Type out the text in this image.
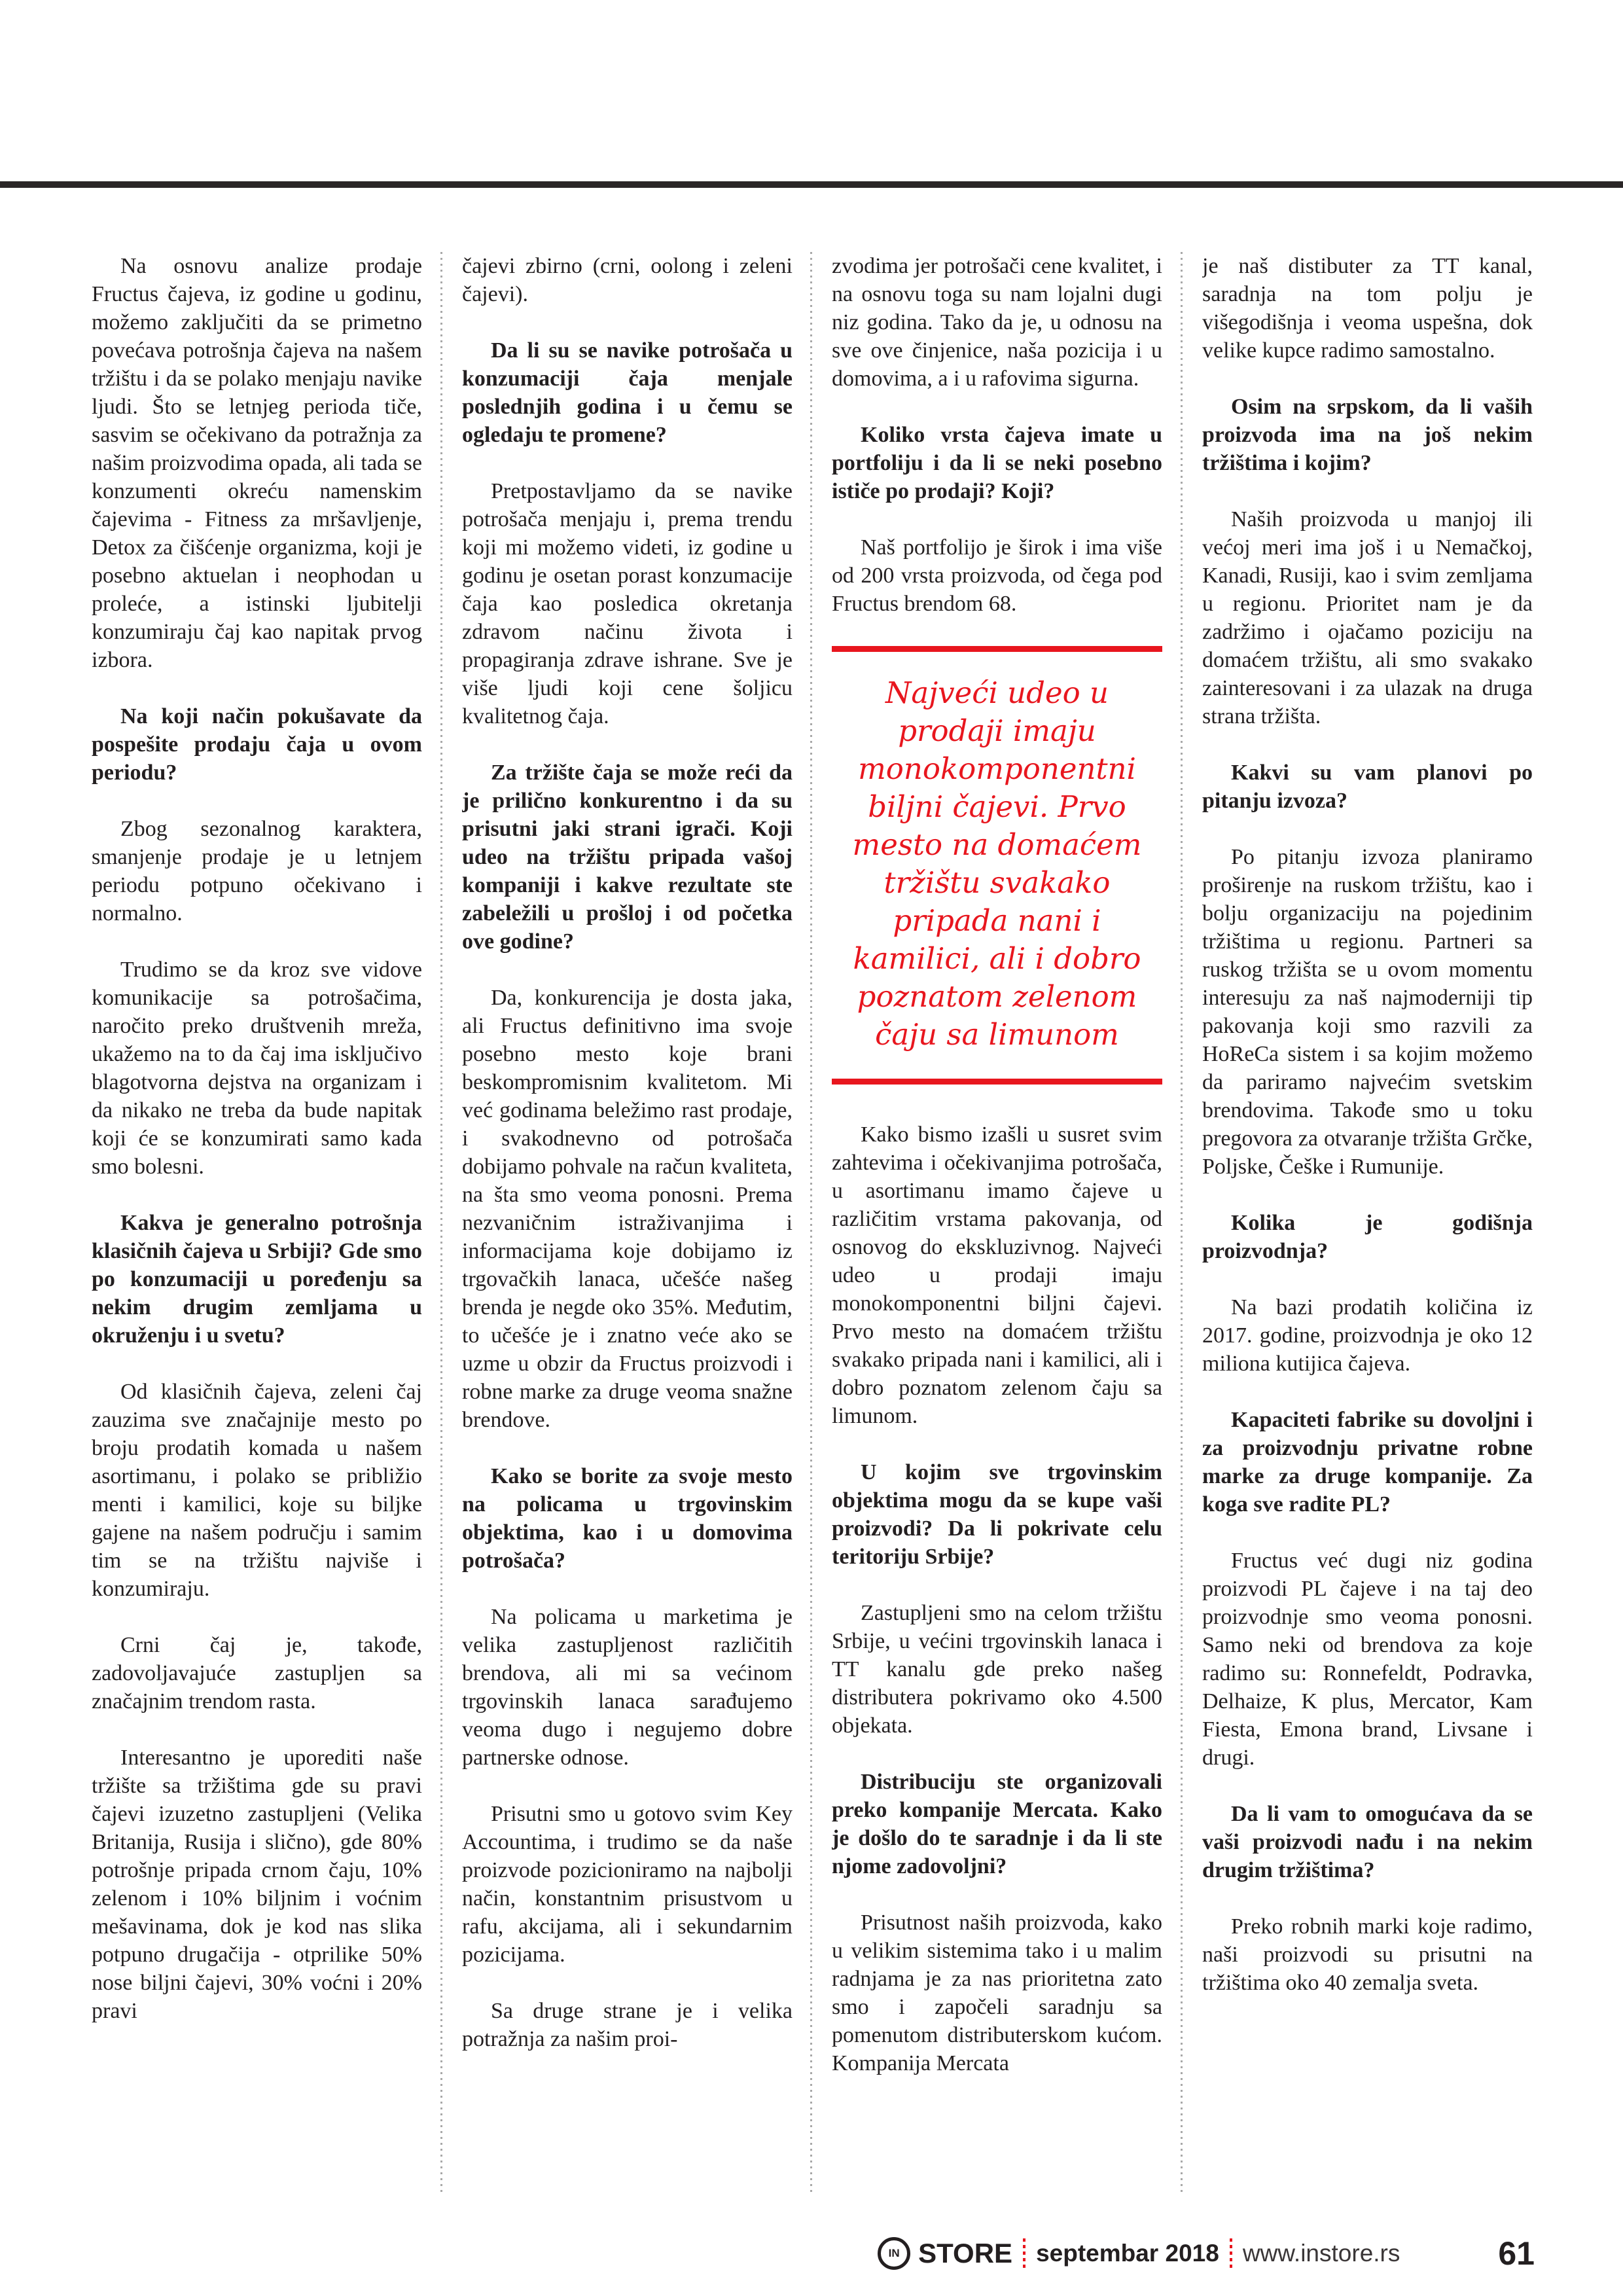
Na osnovu analize prodaje Fructus čajeva, iz godine u godinu, možemo zaključiti da se primetno povećava potrošnja čajeva na našem tržištu i da se polako menjaju navike ljudi. Što se letnjeg perioda tiče, sasvim se očekivano da potražnja za našim proizvodima opada, ali tada se konzumenti okreću namenskim čajevima - Fitness za mršavljenje, Detox za čišćenje organizma, koji je posebno aktuelan i neophodan u proleće, a istinski ljubitelji konzumiraju čaj kao napitak prvog izbora.

Na koji način pokušavate da pospešite prodaju čaja u ovom periodu?

Zbog sezonalnog karaktera, smanjenje prodaje je u letnjem periodu potpuno očekivano i normalno.

Trudimo se da kroz sve vidove komunikacije sa potrošačima, naročito preko društvenih mreža, ukažemo na to da čaj ima isključivo blagotvorna dejstva na organizam i da nikako ne treba da bude napitak koji će se konzumirati samo kada smo bolesni.

Kakva je generalno potrošnja klasičnih čajeva u Srbiji? Gde smo po konzumaciji u poređenju sa nekim drugim zemljama u okruženju i u svetu?

Od klasičnih čajeva, zeleni čaj zauzima sve značajnije mesto po broju prodatih komada u našem asortimanu, i polako se približio menti i kamilici, koje su biljke gajene na našem području i samim tim se na tržištu najviše i konzumiraju.

Crni čaj je, takođe, zadovoljavajuće zastupljen sa značajnim trendom rasta.

Interesantno je uporediti naše tržište sa tržištima gde su pravi čajevi izuzetno zastupljeni (Velika Britanija, Rusija i slično), gde 80% potrošnje pripada crnom čaju, 10% zelenom i 10% biljnim i voćnim mešavinama, dok je kod nas slika potpuno drugačija - otprilike 50% nose biljni čajevi, 30% voćni i 20% pravi

čajevi zbirno (crni, oolong i zeleni čajevi).

Da li su se navike potrošača u konzumaciji čaja menjale poslednjih godina i u čemu se ogledaju te promene?

Pretpostavljamo da se navike potrošača menjaju i, prema trendu koji mi možemo videti, iz godine u godinu je osetan porast konzumacije čaja kao posledica okretanja zdravom načinu života i propagiranja zdrave ishrane. Sve je više ljudi koji cene šoljicu kvalitetnog čaja.

Za tržište čaja se može reći da je prilično konkurentno i da su prisutni jaki strani igrači. Koji udeo na tržištu pripada vašoj kompaniji i kakve rezultate ste zabeležili u prošloj i od početka ove godine?

Da, konkurencija je dosta jaka, ali Fructus definitivno ima svoje posebno mesto koje brani beskompromisnim kvalitetom. Mi već godinama beležimo rast prodaje, i svakodnevno od potrošača dobijamo pohvale na račun kvaliteta, na šta smo veoma ponosni. Prema nezvaničnim istraživanjima i informacijama koje dobijamo iz trgovačkih lanaca, učešće našeg brenda je negde oko 35%. Međutim, to učešće je i znatno veće ako se uzme u obzir da Fructus proizvodi i robne marke za druge veoma snažne brendove.

Kako se borite za svoje mesto na policama u trgovinskim objektima, kao i u domovima potrošača?

Na policama u marketima je velika zastupljenost različitih brendova, ali mi sa većinom trgovinskih lanaca sarađujemo veoma dugo i negujemo dobre partnerske odnose.

Prisutni smo u gotovo svim Key Accountima, i trudimo se da naše proizvode pozicioniramo na najbolji način, konstantnim prisustvom u rafu, akcijama, ali i sekundarnim pozicijama.

Sa druge strane je i velika potražnja za našim proi-

zvodima jer potrošači cene kvalitet, i na osnovu toga su nam lojalni dugi niz godina. Tako da je, u odnosu na sve ove činjenice, naša pozicija i u domovima, a i u rafovima sigurna.

Koliko vrsta čajeva imate u portfoliju i da li se neki posebno ističe po prodaji? Koji?

Naš portfolijo je širok i ima više od 200 vrsta proizvoda, od čega pod Fructus brendom 68.

Najveći udeo u prodaji imaju monokomponentni biljni čajevi. Prvo mesto na domaćem tržištu svakako pripada nani i kamilici, ali i dobro poznatom zelenom čaju sa limunom

Kako bismo izašli u susret svim zahtevima i očekivanjima potrošača, u asortimanu imamo čajeve u različitim vrstama pakovanja, od osnovog do ekskluzivnog. Najveći udeo u prodaji imaju monokomponentni biljni čajevi. Prvo mesto na domaćem tržištu svakako pripada nani i kamilici, ali i dobro poznatom zelenom čaju sa limunom.

U kojim sve trgovinskim objektima mogu da se kupe vaši proizvodi? Da li pokrivate celu teritoriju Srbije?

Zastupljeni smo na celom tržištu Srbije, u većini trgovinskih lanaca i TT kanalu gde preko našeg distributera pokrivamo oko 4.500 objekata.

Distribuciju ste organizovali preko kompanije Mercata. Kako je došlo do te saradnje i da li ste njome zadovoljni?

Prisutnost naših proizvoda, kako u velikim sistemima tako i u malim radnjama je za nas prioritetna zato smo i započeli saradnju sa pomenutom distributerskom kućom. Kompanija Mercata

je naš distibuter za TT kanal, saradnja na tom polju je višegodišnja i veoma uspešna, dok velike kupce radimo samostalno.

Osim na srpskom, da li vaših proizvoda ima na još nekim tržištima i kojim?

Naših proizvoda u manjoj ili većoj meri ima još i u Nemačkoj, Kanadi, Rusiji, kao i svim zemljama u regionu. Prioritet nam je da zadržimo i ojačamo poziciju na domaćem tržištu, ali smo svakako zainteresovani i za ulazak na druga strana tržišta.

Kakvi su vam planovi po pitanju izvoza?

Po pitanju izvoza planiramo proširenje na ruskom tržištu, kao i bolju organizaciju na pojedinim tržištima u regionu. Partneri sa ruskog tržišta se u ovom momentu interesuju za naš najmoderniji tip pakovanja koji smo razvili za HoReCa sistem i sa kojim možemo da pariramo najvećim svetskim brendovima. Takođe smo u toku pregovora za otvaranje tržišta Grčke, Poljske, Češke i Rumunije.

Kolika je godišnja proizvodnja?

Na bazi prodatih količina iz 2017. godine, proizvodnja je oko 12 miliona kutijica čajeva.

Kapaciteti fabrike su dovoljni i za proizvodnju privatne robne marke za druge kompanije. Za koga sve radite PL?

Fructus već dugi niz godina proizvodi PL čajeve i na taj deo proizvodnje smo veoma ponosni. Samo neki od brendova za koje radimo su: Ronnefeldt, Podravka, Delhaize, K plus, Mercator, Kam Fiesta, Emona brand, Livsane i drugi.

Da li vam to omogućava da se vaši proizvodi nađu i na nekim drugim tržištima?

Preko robnih marki koje radimo, naši proizvodi su prisutni na tržištima oko 40 zemalja sveta.

IN STORE septembar 2018 www.instore.rs	61
